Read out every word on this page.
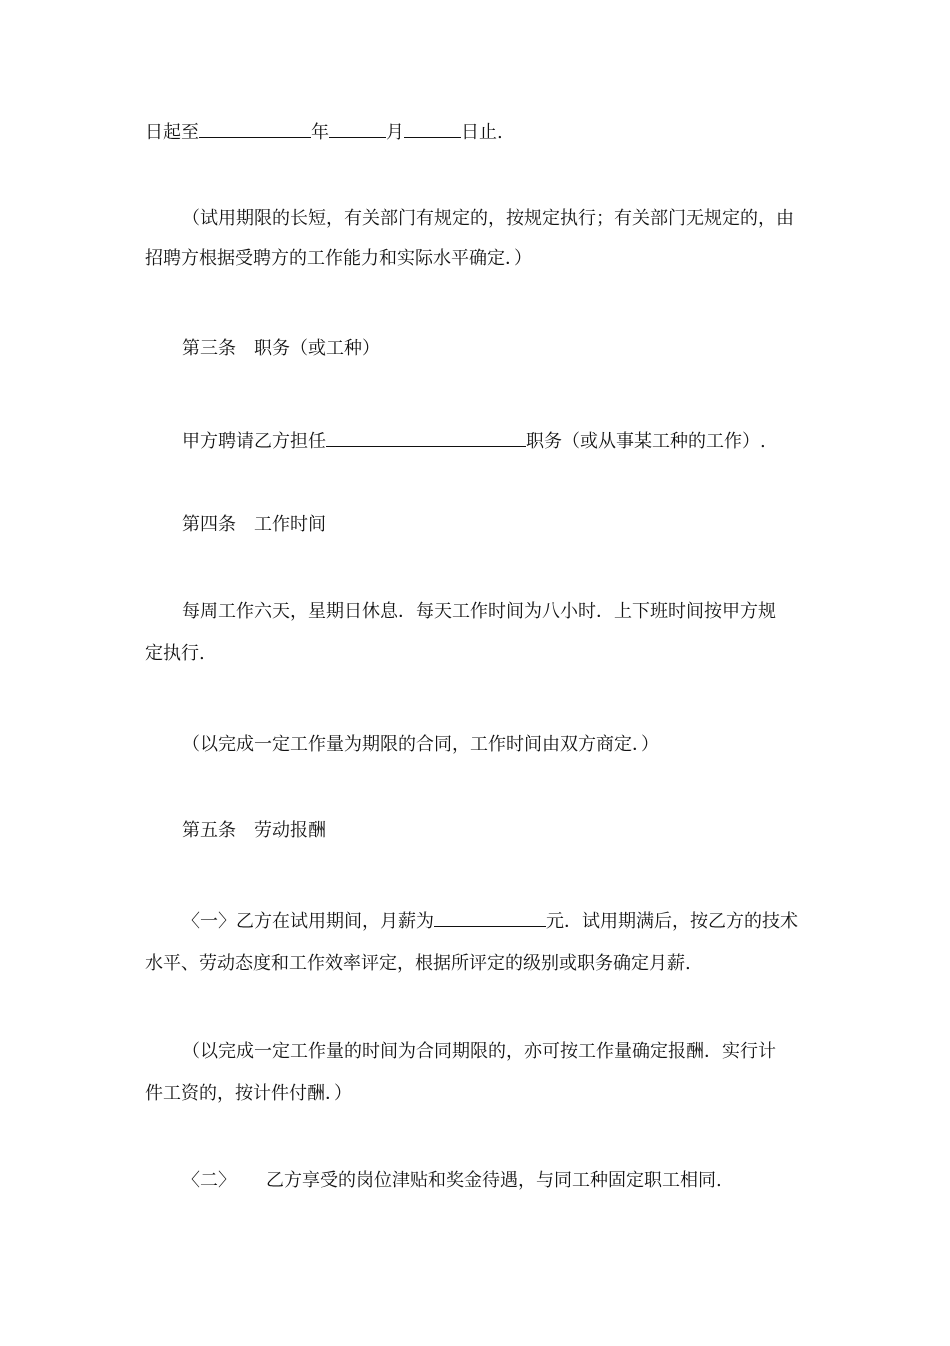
日起至	年	月	日止.
（试用期限的长短，有关部门有规定的，按规定执行；有关部门无规定的，由
招聘方根据受聘方的工作能力和实际水平确定．）
第三条　职务（或工种）
甲方聘请乙方担任	职务（或从事某工种的工作）.
第四条　工作时间
每周工作六天，星期日休息．每天工作时间为八小时．上下班时间按甲方规
定执行.
（以完成一定工作量为期限的合同，工作时间由双方商定．）
第五条　劳动报酬
〈一〉乙方在试用期间，月薪为	元．试用期满后，按乙方的技术
水平、劳动态度和工作效率评定，根据所评定的级别或职务确定月薪.
（以完成一定工作量的时间为合同期限的，亦可按工作量确定报酬．实行计
件工资的，按计件付酬．）
〈二〉 乙方享受的岗位津贴和奖金待遇，与同工种固定职工相同.
